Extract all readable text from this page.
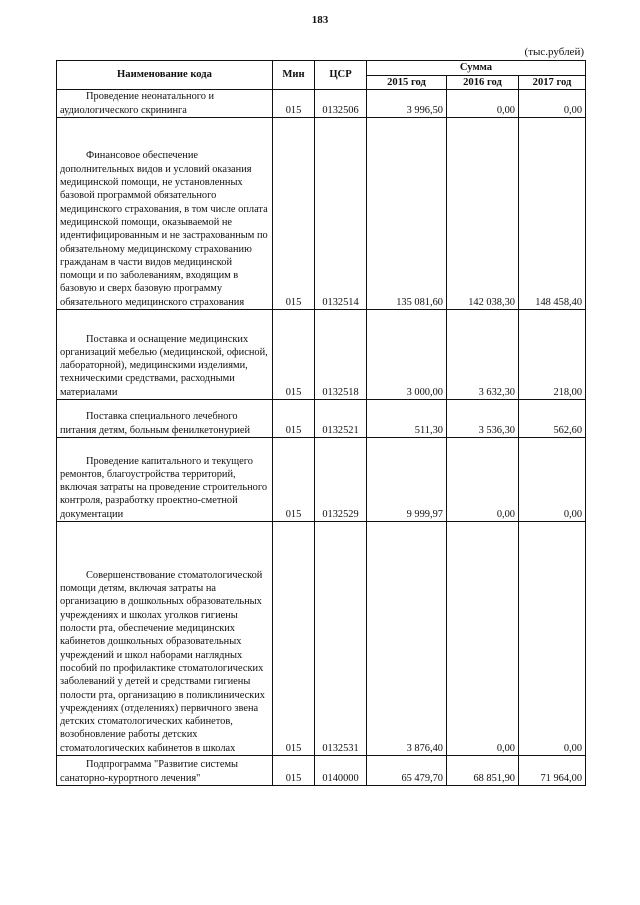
183
(тыс.рублей)
Наименование кода	Мин	ЦСР	Сумма		
			2015 год	2016 год	2017 год
Проведение неонатального и аудиологического скрининга	015	0132506	3 996,50	0,00	0,00
Финансовое обеспечение дополнительных видов и условий оказания медицинской помощи, не установленных базовой программой обязательного медицинского страхования, в том числе оплата медицинской помощи, оказываемой не идентифицированным и не застрахованным по обязательному медицинскому страхованию гражданам в части видов медицинской помощи и по заболеваниям, входящим в базовую и сверх базовую программу обязательного медицинского страхования	015	0132514	135 081,60	142 038,30	148 458,40
Поставка и оснащение медицинских организаций мебелью (медицинской, офисной, лабораторной), медицинскими изделиями, техническими средствами, расходными материалами	015	0132518	3 000,00	3 632,30	218,00
Поставка специального лечебного питания детям, больным фенилкетонурией	015	0132521	511,30	3 536,30	562,60
Проведение капитального и текущего ремонтов, благоустройства территорий, включая затраты на проведение строительного контроля, разработку проектно-сметной документации	015	0132529	9 999,97	0,00	0,00
Совершенствование стоматологической помощи детям, включая затраты на организацию в дошкольных образовательных учреждениях и школах уголков гигиены полости рта, обеспечение медицинских кабинетов дошкольных образовательных учреждений и школ наборами наглядных пособий по профилактике стоматологических заболеваний у детей и средствами гигиены полости рта, организацию в поликлинических учреждениях (отделениях) первичного звена детских стоматологических кабинетов, возобновление работы детских стоматологических кабинетов в школах	015	0132531	3 876,40	0,00	0,00
Подпрограмма "Развитие системы санаторно-курортного лечения"	015	0140000	65 479,70	68 851,90	71 964,00
